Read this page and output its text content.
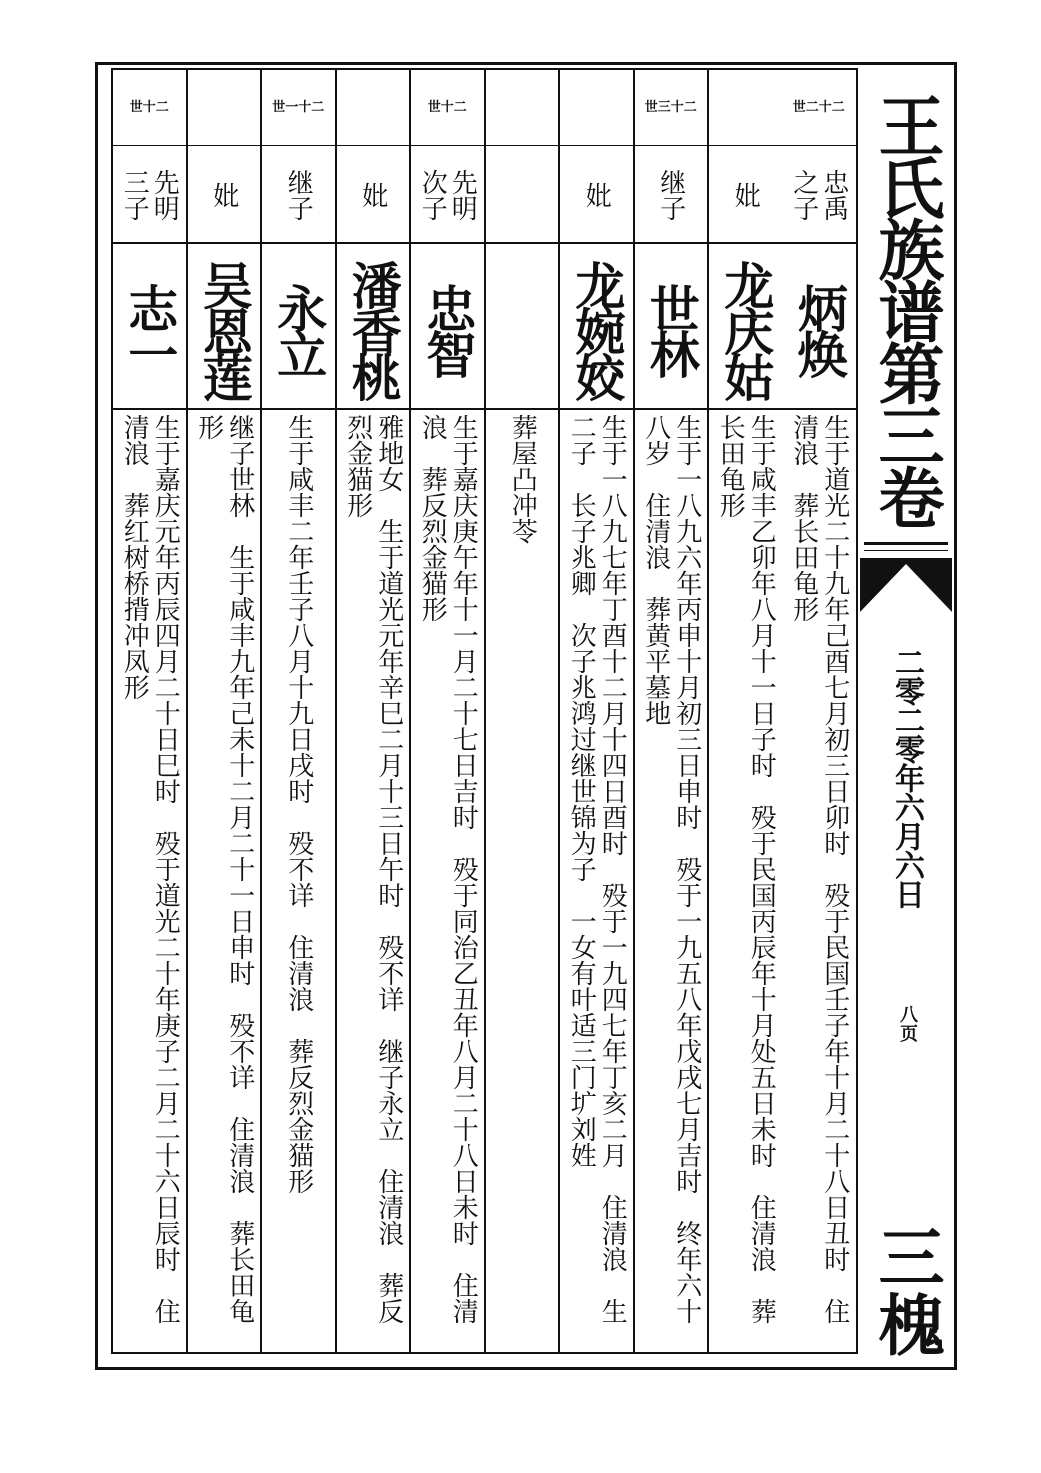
王氏族谱第三卷
二零二零年六月六日
八页
三槐
世二十二
忠禹之子
炳焕
生于道光二十九年己酉七月初三日卯时　殁于民国壬子年十月二十八日丑时　住清浪　葬长田龟形
妣
龙庆姑
生于咸丰乙卯年八月十一日子时　殁于民国丙辰年十月处五日未时　住清浪　葬长田龟形
世三十二
继子
世林
生于一八九六年丙申十月初三日申时　殁于一九五八年戊戌七月吉时　终年六十八岁　住清浪　葬黄平墓地
妣
龙婉姣
生于一八九七年丁酉十二月十四日酉时　殁于一九四七年丁亥二月　住清浪　生二子　长子兆卿　次子兆鸿过继世锦为子　一女有叶适三门圹刘姓
葬屋凸冲苓
世十二
先明次子
忠智
生于嘉庆庚午年十一月二十七日吉时　殁于同治乙丑年八月二十八日未时　住清浪　葬反烈金猫形
妣
潘香桃
雅地女　生于道光元年辛巳二月十三日午时　殁不详　继子永立　住清浪　葬反烈金猫形
世一十二
继子
永立
生于咸丰二年壬子八月十九日戌时　殁不详　住清浪　葬反烈金猫形
妣
吴恩莲
继子世林　生于咸丰九年己未十二月二十一日申时　殁不详　住清浪　葬长田龟形
世十二
先明三子
志一
生于嘉庆元年丙辰四月二十日巳时　殁于道光二十年庚子二月二十六日辰时　住清浪　葬红树桥揹冲凤形
